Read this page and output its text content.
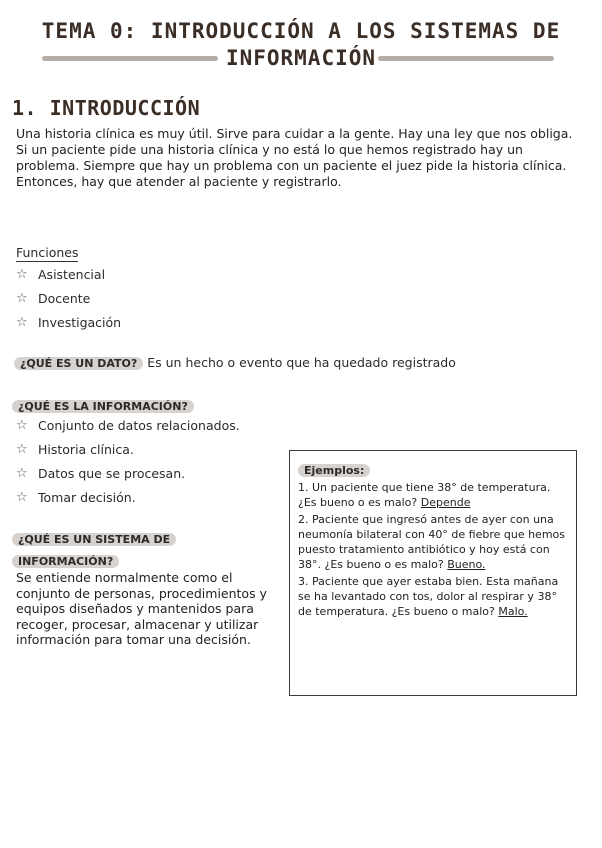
TEMA 0: INTRODUCCIÓN A LOS SISTEMAS DE
INFORMACIÓN
1. INTRODUCCIÓN
Una historia clínica es muy útil. Sirve para cuidar a la gente. Hay una ley que nos obliga. Si un paciente pide una historia clínica y no está lo que hemos registrado hay un problema. Siempre que hay un problema con un paciente el juez pide la historia clínica. Entonces, hay que atender al paciente y registrarlo.
Funciones
☆ Asistencial
☆ Docente
☆ Investigación
¿QUÉ ES UN DATO? Es un hecho o evento que ha quedado registrado
¿QUÉ ES LA INFORMACIÓN?
☆ Conjunto de datos relacionados.
☆ Historia clínica.
☆ Datos que se procesan.
☆ Tomar decisión.
¿QUÉ ES UN SISTEMA DE
INFORMACIÓN?
Se entiende normalmente como el conjunto de personas, procedimientos y equipos diseñados y mantenidos para recoger, procesar, almacenar y utilizar información para tomar una decisión.
Ejemplos:

1. Un paciente que tiene 38° de temperatura. ¿Es bueno o es malo? Depende

2. Paciente que ingresó antes de ayer con una neumonía bilateral con 40° de fiebre que hemos puesto tratamiento antibiótico y hoy está con 38°. ¿Es bueno o es malo? Bueno.

3. Paciente que ayer estaba bien. Esta mañana se ha levantado con tos, dolor al respirar y 38° de temperatura. ¿Es bueno o malo? Malo.
